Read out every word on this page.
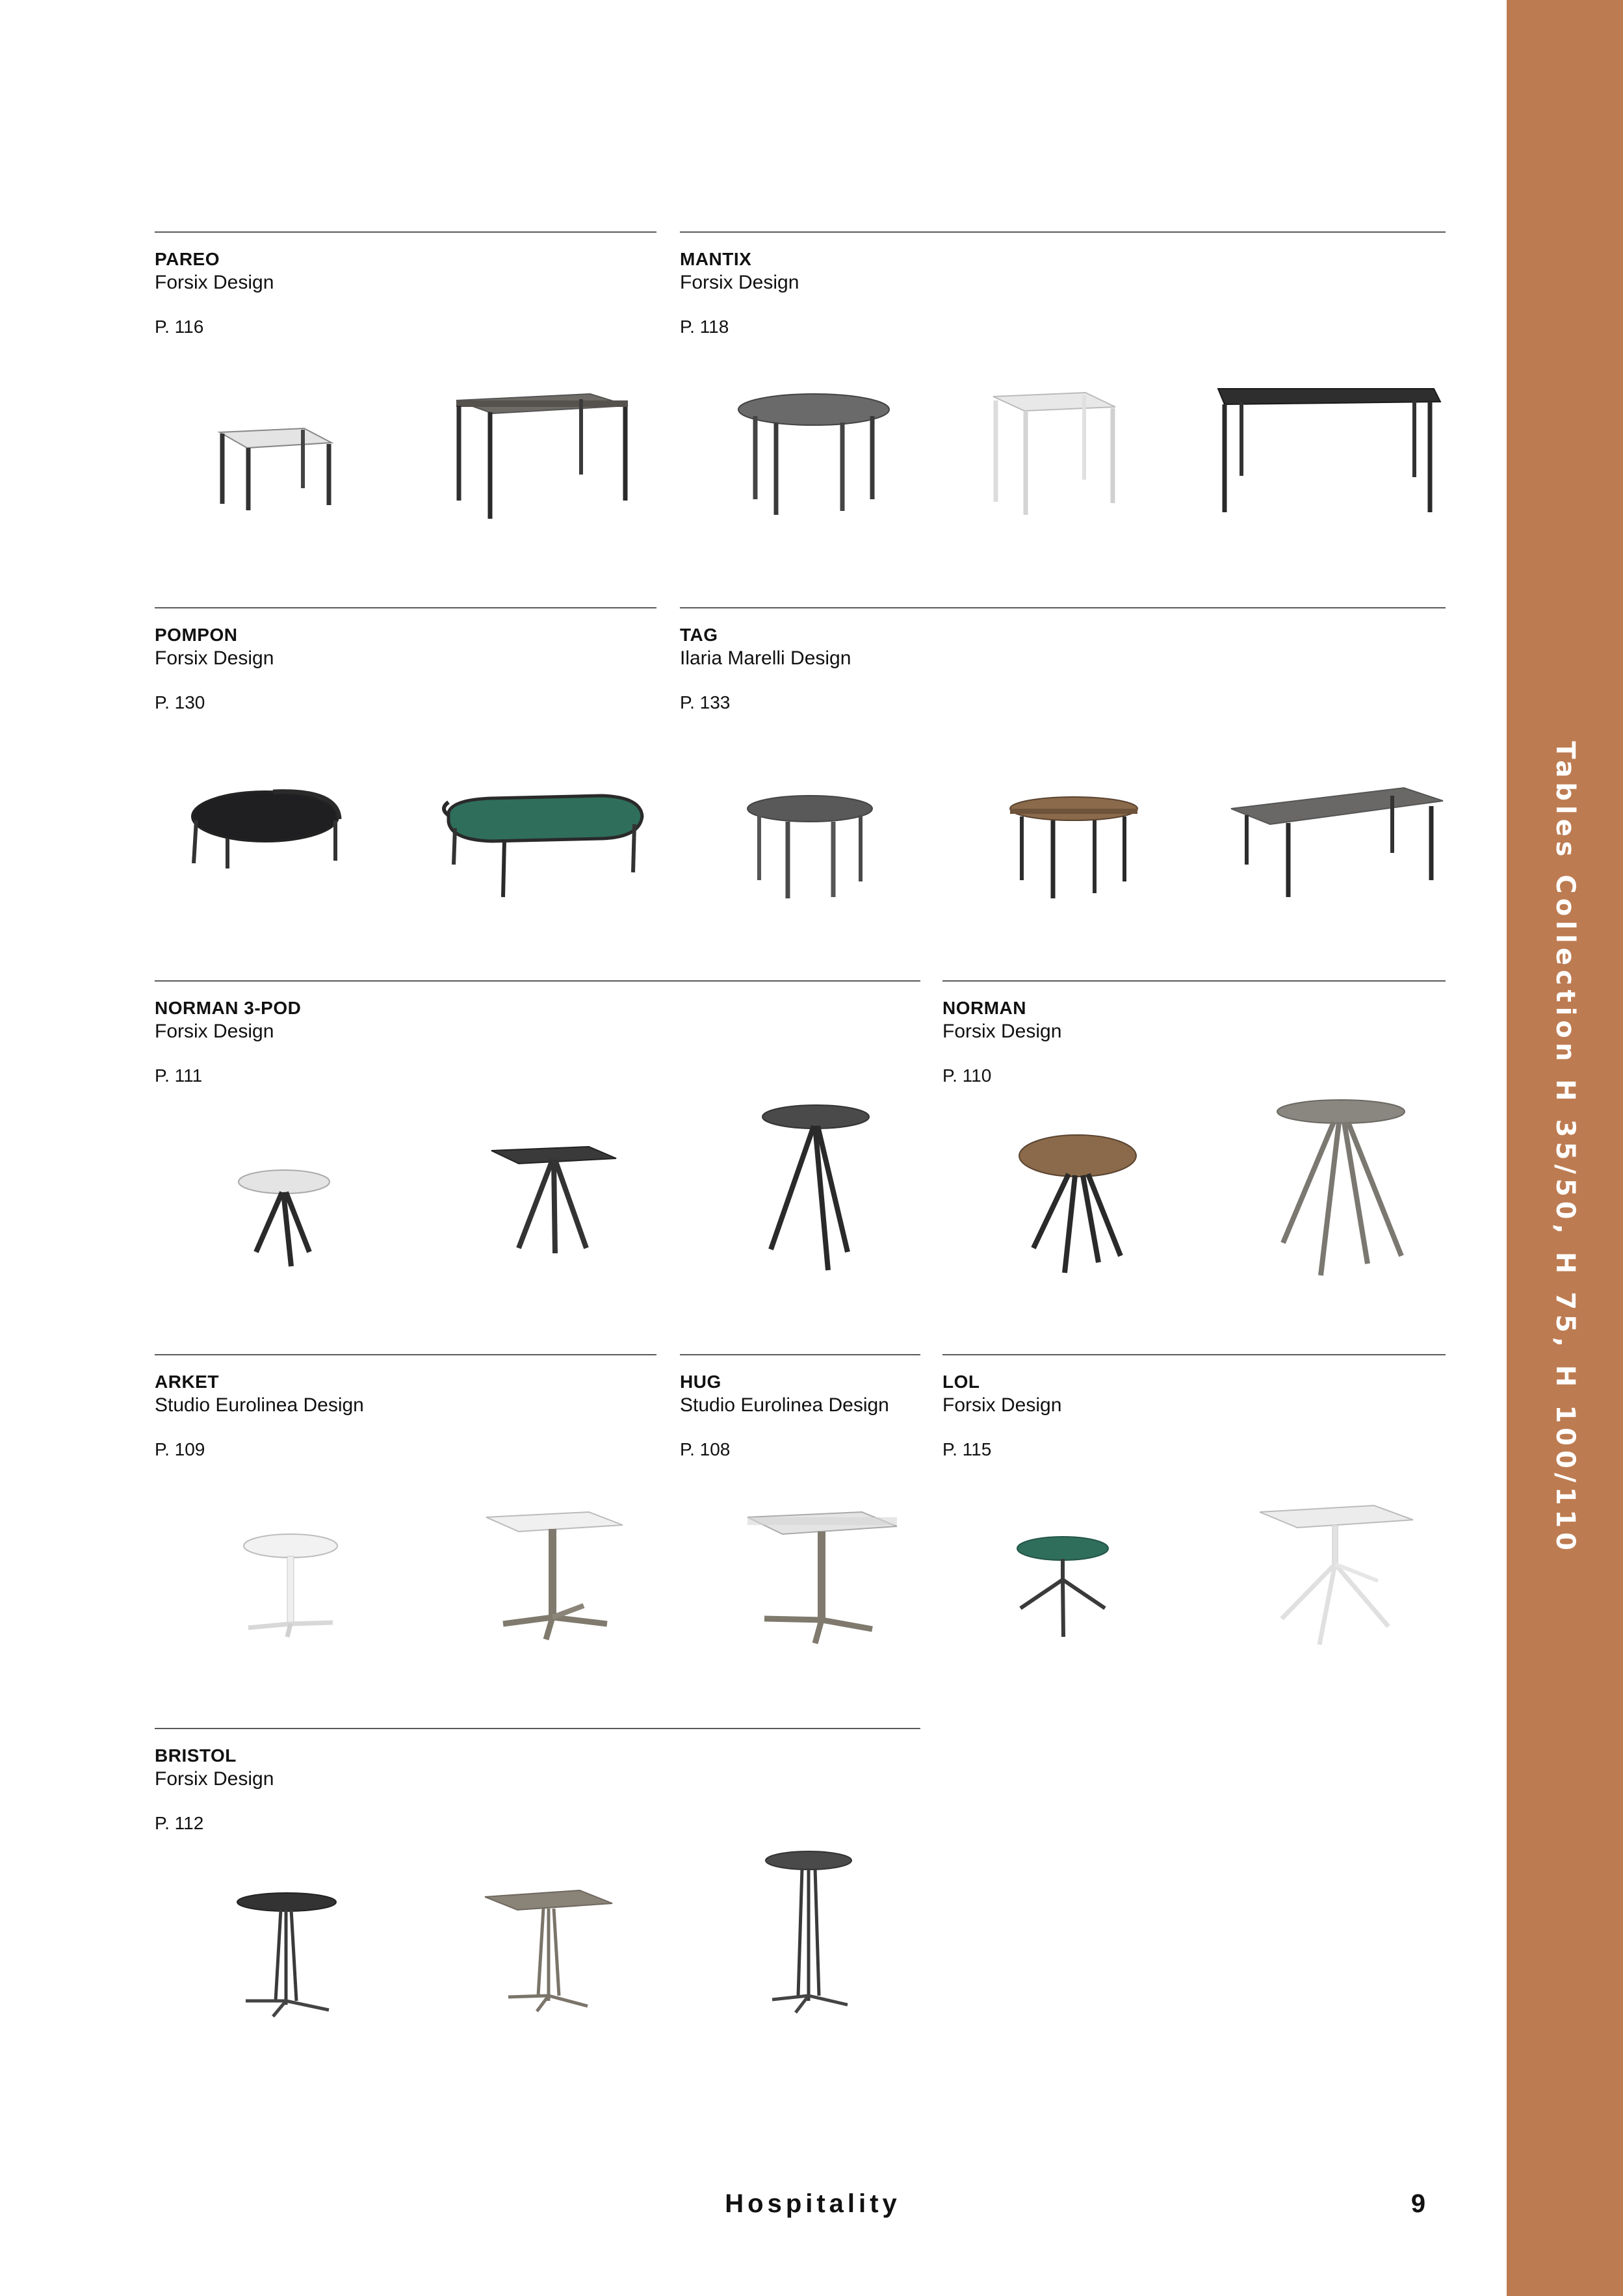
Tables Collection H 35/50, H 75, H 100/110
PAREO
Forsix Design
P. 116
MANTIX
Forsix Design
P. 118
POMPON
Forsix Design
P. 130
TAG
Ilaria Marelli Design
P. 133
NORMAN 3-POD
Forsix Design
P. 111
NORMAN
Forsix Design
P. 110
ARKET
Studio Eurolinea Design
P. 109
HUG
Studio Eurolinea Design
P. 108
LOL
Forsix Design
P. 115
BRISTOL
Forsix Design
P. 112
Hospitality	9
